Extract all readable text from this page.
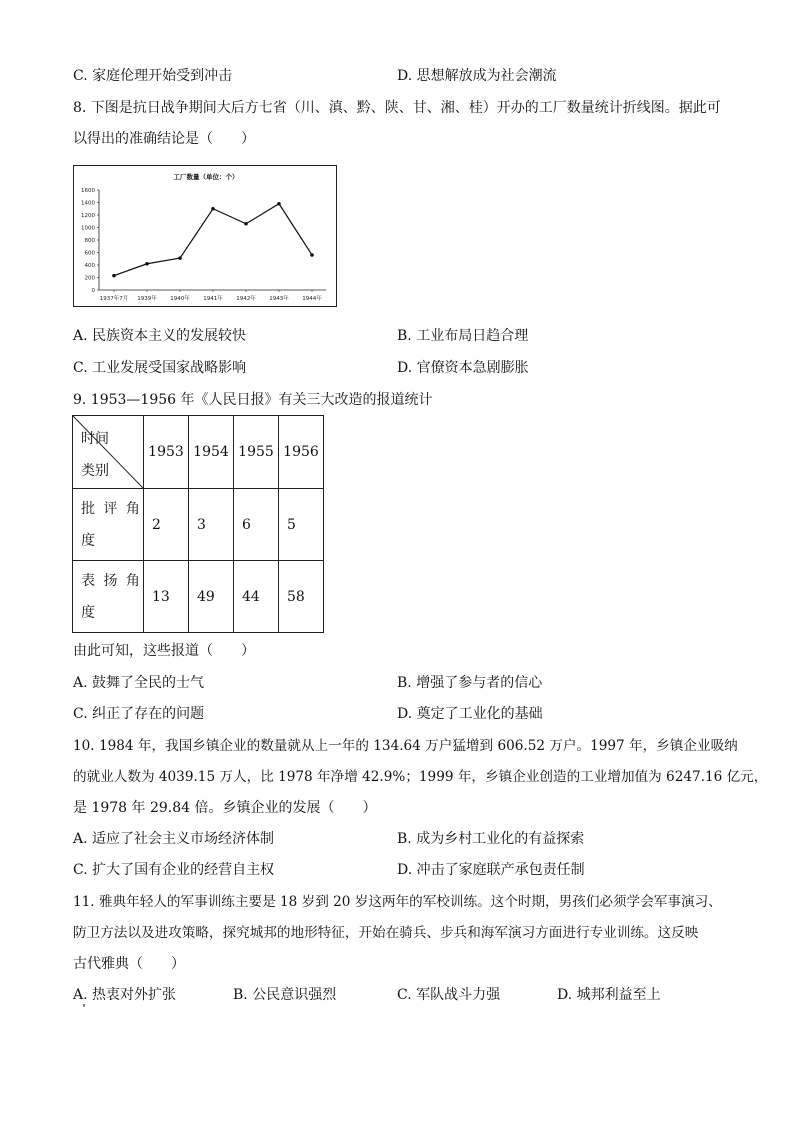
C. 家庭伦理开始受到冲击	D. 思想解放成为社会潮流
8. 下图是抗日战争期间大后方七省（川、滇、黔、陕、甘、湘、桂）开办的工厂数量统计折线图。据此可
以得出的准确结论是（　　）
工厂数量（单位：个）
0
200
400
600
800
1000
1200
1400
1600
1937年7月 1939年 1940年 1941年 1942年 1943年 1944年
A. 民族资本主义的发展较快	B. 工业布局日趋合理
C. 工业发展受国家战略影响	D. 官僚资本急剧膨胀
9. 1953—1956 年《人民日报》有关三大改造的报道统计
时间
类别	1953	1954	1955	1956

批 评 角
度	2	3	6	5

表 扬 角
度	13	49	44	58
由此可知，这些报道（　　）
A. 鼓舞了全民的士气	B. 增强了参与者的信心
C. 纠正了存在的问题	D. 奠定了工业化的基础
10. 1984 年，我国乡镇企业的数量就从上一年的 134.64 万户猛增到 606.52 万户。1997 年，乡镇企业吸纳
的就业人数为 4039.15 万人，比 1978 年净增 42.9%；1999 年，乡镇企业创造的工业增加值为 6247.16 亿元，
是 1978 年 29.84 倍。乡镇企业的发展（　　）
A. 适应了社会主义市场经济体制	B. 成为乡村工业化的有益探索
C. 扩大了国有企业的经营自主权	D. 冲击了家庭联产承包责任制
11. 雅典年轻人的军事训练主要是 18 岁到 20 岁这两年的军校训练。这个时期，男孩们必须学会军事演习、
防卫方法以及进攻策略，探究城邦的地形特征，开始在骑兵、步兵和海军演习方面进行专业训练。这反映
古代雅典（　　）
A. 热衷对外扩张	B. 公民意识强烈	C. 军队战斗力强	D. 城邦利益至上
